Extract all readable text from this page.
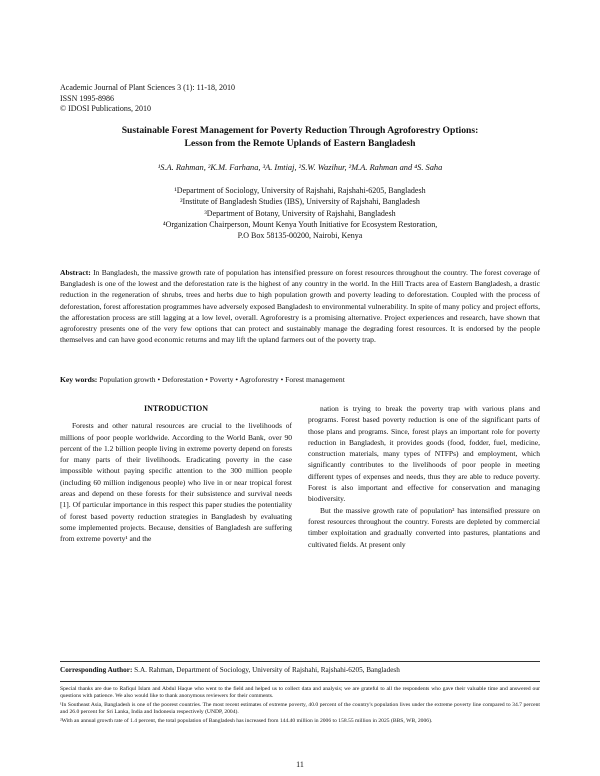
Academic Journal of Plant Sciences 3 (1): 11-18, 2010
ISSN 1995-8986
© IDOSI Publications, 2010
Sustainable Forest Management for Poverty Reduction Through Agroforestry Options:
Lesson from the Remote Uplands of Eastern Bangladesh
¹S.A. Rahman, ²K.M. Farhana, ³A. Imtiaj, ²S.W. Wazihur, ²M.A. Rahman and ⁴S. Saha
¹Department of Sociology, University of Rajshahi, Rajshahi-6205, Bangladesh
²Institute of Bangladesh Studies (IBS), University of Rajshahi, Bangladesh
³Department of Botany, University of Rajshahi, Bangladesh
⁴Organization Chairperson, Mount Kenya Youth Initiative for Ecosystem Restoration,
P.O Box 58135-00200, Nairobi, Kenya
Abstract: In Bangladesh, the massive growth rate of population has intensified pressure on forest resources throughout the country. The forest coverage of Bangladesh is one of the lowest and the deforestation rate is the highest of any country in the world. In the Hill Tracts area of Eastern Bangladesh, a drastic reduction in the regeneration of shrubs, trees and herbs due to high population growth and poverty leading to deforestation. Coupled with the process of deforestation, forest afforestation programmes have adversely exposed Bangladesh to environmental vulnerability. In spite of many policy and project efforts, the afforestation process are still lagging at a low level, overall. Agroforestry is a promising alternative. Project experiences and research, have shown that agroforestry presents one of the very few options that can protect and sustainably manage the degrading forest resources. It is endorsed by the people themselves and can have good economic returns and may lift the upland farmers out of the poverty trap.
Key words: Population growth • Deforestation • Poverty • Agroforestry • Forest management
INTRODUCTION

Forests and other natural resources are crucial to the livelihoods of millions of poor people worldwide. According to the World Bank, over 90 percent of the 1.2 billion people living in extreme poverty depend on forests for many parts of their livelihoods. Eradicating poverty in the case impossible without paying specific attention to the 300 million people (including 60 million indigenous people) who live in or near tropical forest areas and depend on these forests for their subsistence and survival needs [1]. Of particular importance in this respect this paper studies the potentiality of forest based poverty reduction strategies in Bangladesh by evaluating some implemented projects. Because, densities of Bangladesh are suffering from extreme poverty¹ and the

nation is trying to break the poverty trap with various plans and programs. Forest based poverty reduction is one of the significant parts of those plans and programs. Since, forest plays an important role for poverty reduction in Bangladesh, it provides goods (food, fodder, fuel, medicine, construction materials, many types of NTFPs) and employment, which significantly contributes to the livelihoods of poor people in meeting different types of expenses and needs, thus they are able to reduce poverty. Forest is also important and effective for conservation and managing biodiversity.

But the massive growth rate of population² has intensified pressure on forest resources throughout the country. Forests are depleted by commercial timber exploitation and gradually converted into pastures, plantations and cultivated fields. At present only

Corresponding Author: S.A. Rahman, Department of Sociology, University of Rajshahi, Rajshahi-6205, Bangladesh

Special thanks are due to Rafiqul Islam and Abdul Haque who went to the field and helped us to collect data and analysis; we are grateful to all the respondents who gave their valuable time and answered our questions with patience. We also would like to thank anonymous reviewers for their comments.

¹In Southeast Asia, Bangladesh is one of the poorest countries. The most recent estimates of extreme poverty, 40.0 percent of the country's population lives under the extreme poverty line compared to 34.7 percent and 26.0 percent for Sri Lanka, India and Indonesia respectively (UNDP, 2004).

²With an annual growth rate of 1.4 percent, the total population of Bangladesh has increased from 144.40 million in 2006 to 158.55 million in 2025 (BBS, WB, 2006).

11
